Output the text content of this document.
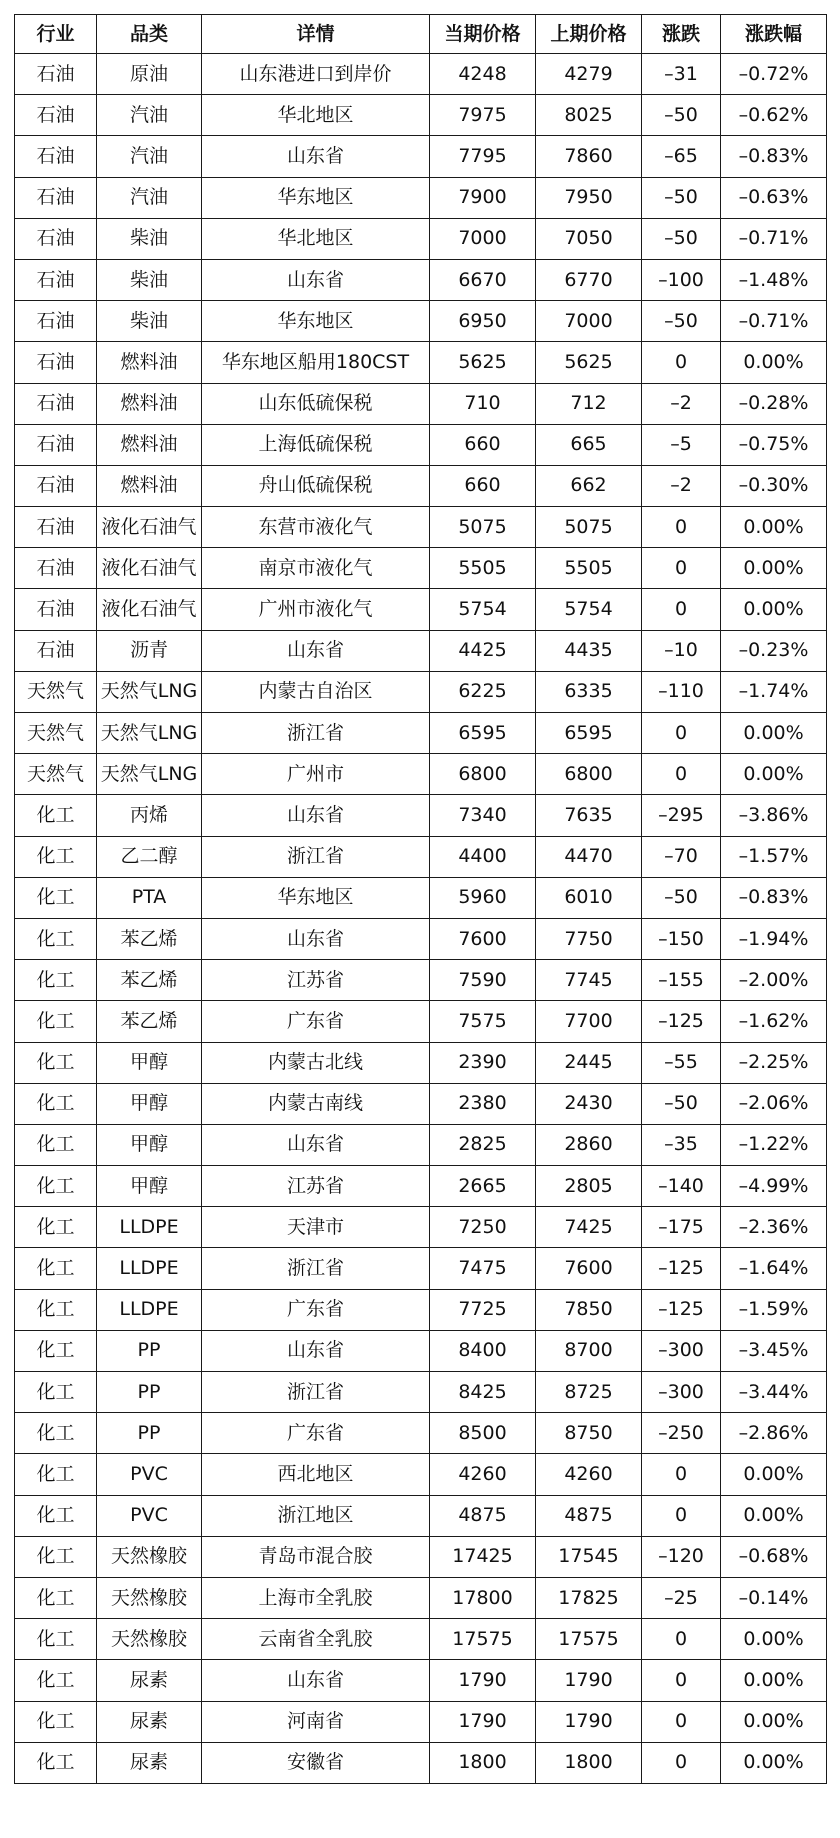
行业	品类	详情	当期价格	上期价格	涨跌	涨跌幅
石油	原油	山东港进口到岸价	4248	4279	–31	–0.72%
石油	汽油	华北地区	7975	8025	–50	–0.62%
石油	汽油	山东省	7795	7860	–65	–0.83%
石油	汽油	华东地区	7900	7950	–50	–0.63%
石油	柴油	华北地区	7000	7050	–50	–0.71%
石油	柴油	山东省	6670	6770	–100	–1.48%
石油	柴油	华东地区	6950	7000	–50	–0.71%
石油	燃料油	华东地区船用180CST	5625	5625	0	0.00%
石油	燃料油	山东低硫保税	710	712	–2	–0.28%
石油	燃料油	上海低硫保税	660	665	–5	–0.75%
石油	燃料油	舟山低硫保税	660	662	–2	–0.30%
石油	液化石油气	东营市液化气	5075	5075	0	0.00%
石油	液化石油气	南京市液化气	5505	5505	0	0.00%
石油	液化石油气	广州市液化气	5754	5754	0	0.00%
石油	沥青	山东省	4425	4435	–10	–0.23%
天然气	天然气LNG	内蒙古自治区	6225	6335	–110	–1.74%
天然气	天然气LNG	浙江省	6595	6595	0	0.00%
天然气	天然气LNG	广州市	6800	6800	0	0.00%
化工	丙烯	山东省	7340	7635	–295	–3.86%
化工	乙二醇	浙江省	4400	4470	–70	–1.57%
化工	PTA	华东地区	5960	6010	–50	–0.83%
化工	苯乙烯	山东省	7600	7750	–150	–1.94%
化工	苯乙烯	江苏省	7590	7745	–155	–2.00%
化工	苯乙烯	广东省	7575	7700	–125	–1.62%
化工	甲醇	内蒙古北线	2390	2445	–55	–2.25%
化工	甲醇	内蒙古南线	2380	2430	–50	–2.06%
化工	甲醇	山东省	2825	2860	–35	–1.22%
化工	甲醇	江苏省	2665	2805	–140	–4.99%
化工	LLDPE	天津市	7250	7425	–175	–2.36%
化工	LLDPE	浙江省	7475	7600	–125	–1.64%
化工	LLDPE	广东省	7725	7850	–125	–1.59%
化工	PP	山东省	8400	8700	–300	–3.45%
化工	PP	浙江省	8425	8725	–300	–3.44%
化工	PP	广东省	8500	8750	–250	–2.86%
化工	PVC	西北地区	4260	4260	0	0.00%
化工	PVC	浙江地区	4875	4875	0	0.00%
化工	天然橡胶	青岛市混合胶	17425	17545	–120	–0.68%
化工	天然橡胶	上海市全乳胶	17800	17825	–25	–0.14%
化工	天然橡胶	云南省全乳胶	17575	17575	0	0.00%
化工	尿素	山东省	1790	1790	0	0.00%
化工	尿素	河南省	1790	1790	0	0.00%
化工	尿素	安徽省	1800	1800	0	0.00%
